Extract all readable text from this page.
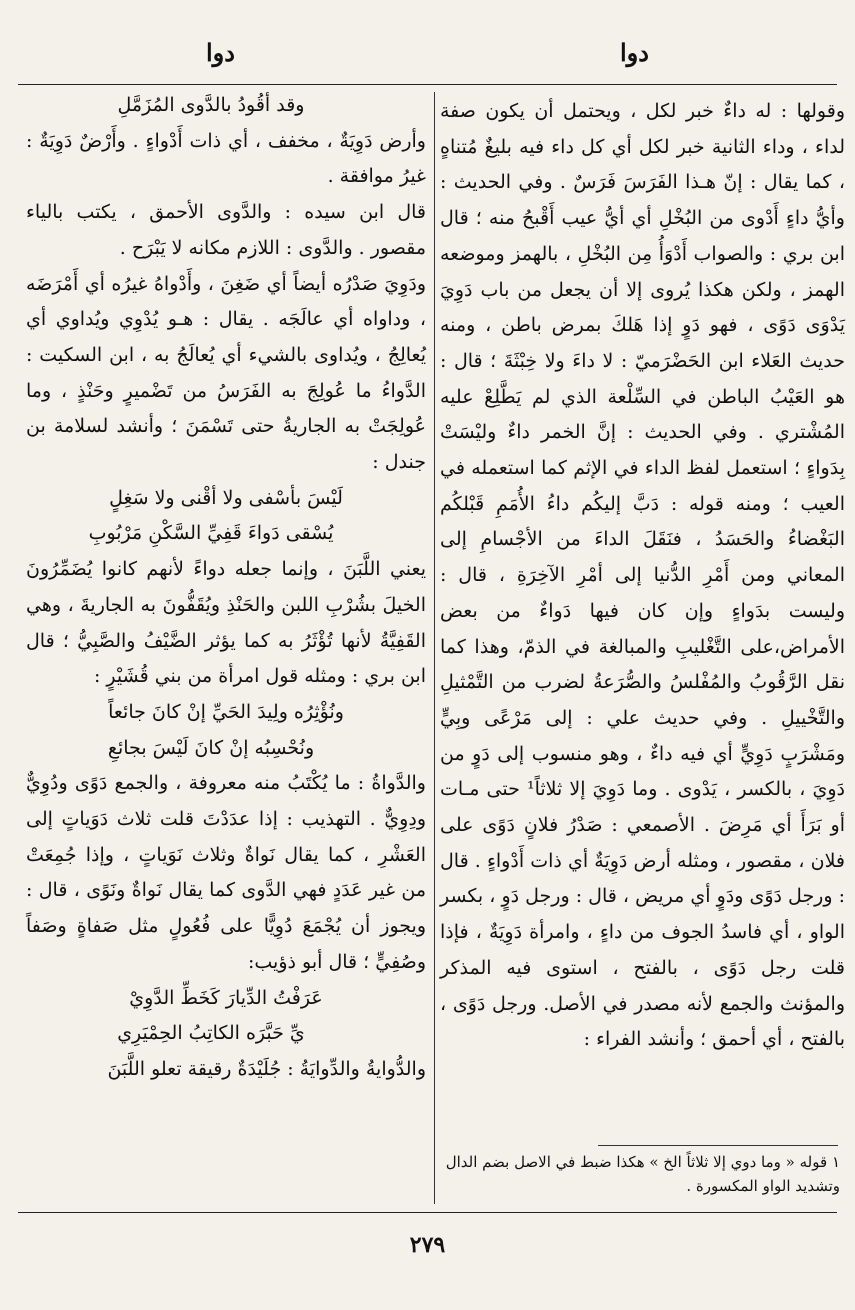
دوا	دوا

وقولها : له داءٌ خبر لكل ، ويحتمل أن يكون صفة لداء ، وداء الثانية خبر لكل أي كل داء فيه بليغٌ مُتناهٍ ، كما يقال : إنّ هـذا الفَرَسَ فَرَسٌ . وفي الحديث : وأيُّ داءٍ أَدْوى من البُخْلِ أي أيُّ عيب أَقْبحُ منه ؛ قال ابن بري : والصواب أَدْوَأُ مِن البُخْلِ ، بالهمز وموضعه الهمز ، ولكن هكذا يُروى إلا أن يجعل من باب دَوِيَ يَدْوَى دَوًى ، فهو دَوٍ إذا هَلكَ بمرض باطن ، ومنه حديث العَلاء ابن الحَضْرَميّ : لا داءَ ولا خِبْثَةَ ؛ قال : هو العَيْبُ الباطن في السِّلْعة الذي لم يَطَّلِعْ عليه المُشْتري . وفي الحديث : إنَّ الخمر داءٌ وليْسَتْ بِدَواءٍ ؛ استعمل لفظ الداء في الإثم كما استعمله في العيب ؛ ومنه قوله : دَبَّ إليكُم داءُ الأُمَمِ قَبْلكُم البَغْضاءُ والحَسَدُ ، فنَقَلَ الداءَ من الأجْسامِ إلى المعاني ومن أَمْرِ الدُّنيا إلى أمْرِ الآخِرَةِ ، قال : وليست بدَواءٍ وإن كان فيها دَواءٌ من بعض الأمراض،على التَّغْليبِ والمبالغة في الذمّ، وهذا كما نقل الرَّقُوبُ والمُفْلسُ والصُّرَعةُ لضرب من التَّمْثيلِ والتَّخْييلِ . وفي حديث علي : إلى مَرْعًى وبِيٍّ ومَشْرَبٍ دَوِيٍّ أي فيه داءٌ ، وهو منسوب إلى دَوٍ من دَوِيَ ، بالكسر ، يَدْوى . وما دَوِيَ إلا ثلاثاً¹ حتى مـات أو بَرَأَ أي مَرِضَ . الأصمعي : صَدْرُ فلانٍ دَوًى على فلان ، مقصور ، ومثله أرض دَوِيَةٌ أي ذات أَدْواءٍ . قال : ورجل دَوًى ودَوٍ أي مريض ، قال : ورجل دَوٍ ، بكسر الواو ، أي فاسدُ الجوف من داءٍ ، وامرأة دَوِيَةٌ ، فإذا قلت رجل دَوًى ، بالفتح ، استوى فيه المذكر والمؤنث والجمع لأنه مصدر في الأصل. ورجل دَوًى ، بالفتح ، أي أحمق ؛ وأنشد الفراء :

وقد أقُودُ بالدَّوى المُزَمَّلِ

وأرض دَوِيَةٌ ، مخفف ، أي ذات أَدْواءٍ . وأَرْضٌ دَوِيَةٌ : غيرُ موافقة .

قال ابن سيده : والدَّوى الأحمق ، يكتب بالياء مقصور . والدَّوى : اللازم مكانه لا يَبْرَح .

ودَوِيَ صَدْرُه أيضاً أي ضَغِنَ ، وأَدْواهُ غيرُه أي أَمْرَضَه ، وداواه أي عالَجَه . يقال : هـو يُدْوِي ويُداوي أي يُعالِجُ ، ويُداوى بالشيء أي يُعالَجُ به ، ابن السكيت : الدَّواءُ ما عُولِجَ به الفَرَسُ من تَضْميرٍ وحَنْذٍ ، وما عُولِجَتْ به الجاريةُ حتى تَسْمَنَ ؛ وأنشد لسلامة بن جندل :

لَيْسَ بأسْفى ولا أقْنى ولا سَغِلٍ

يُسْقى دَواءَ قَفِيِّ السَّكْنِ مَرْبُوبِ

يعني اللَّبَنَ ، وإنما جعله دواءً لأنهم كانوا يُضَمِّرُونَ الخيلَ بشُرْبِ اللبن والحَنْذِ ويُقَفُّونَ به الجاريةَ ، وهي القَفِيَّةُ لأنها تُؤْثَرُ به كما يؤثر الضَّيْفُ والصَّبِيُّ ؛ قال ابن بري : ومثله قول امرأة من بني قُشَيْرٍ :

ونُؤْثِرُه ولِيدَ الحَيِّ إنْ كانَ جائعاً

ونُحْسِبُه إنْ كانَ لَيْسَ بجائعِ

والدَّواةُ : ما يُكْتَبُ منه معروفة ، والجمع دَوًى ودُوِيٌّ ودِوِيٌّ . التهذيب : إذا عدَدْتَ قلت ثلاث دَوَياتٍ إلى العَشْرِ ، كما يقال نَواةٌ وثلاث نَوَياتٍ ، وإذا جُمِعَتْ من غير عَدَدٍ فهي الدَّوى كما يقال نَواةٌ ونَوًى ، قال : ويجوز أن يُجْمَعَ دُوِيًّا على فُعُولٍ مثل صَفاةٍ وصَفاً وصُفِيٍّ ؛ قال أبو ذؤيب:

عَرَفْتُ الدِّيارَ كَخَطِّ الدَّوِيْ

يِّ حَبَّرَه الكاتِبُ الحِمْيَرِي

والدُّوايةُ والدِّوايَةُ : جُلَيْدَةٌ رقيقة تعلو اللَّبَنَ

١ قوله « وما دوي إلا ثلاثاً الخ » هكذا ضبط في الاصل بضم الدال وتشديد الواو المكسورة .
٢٧٩
